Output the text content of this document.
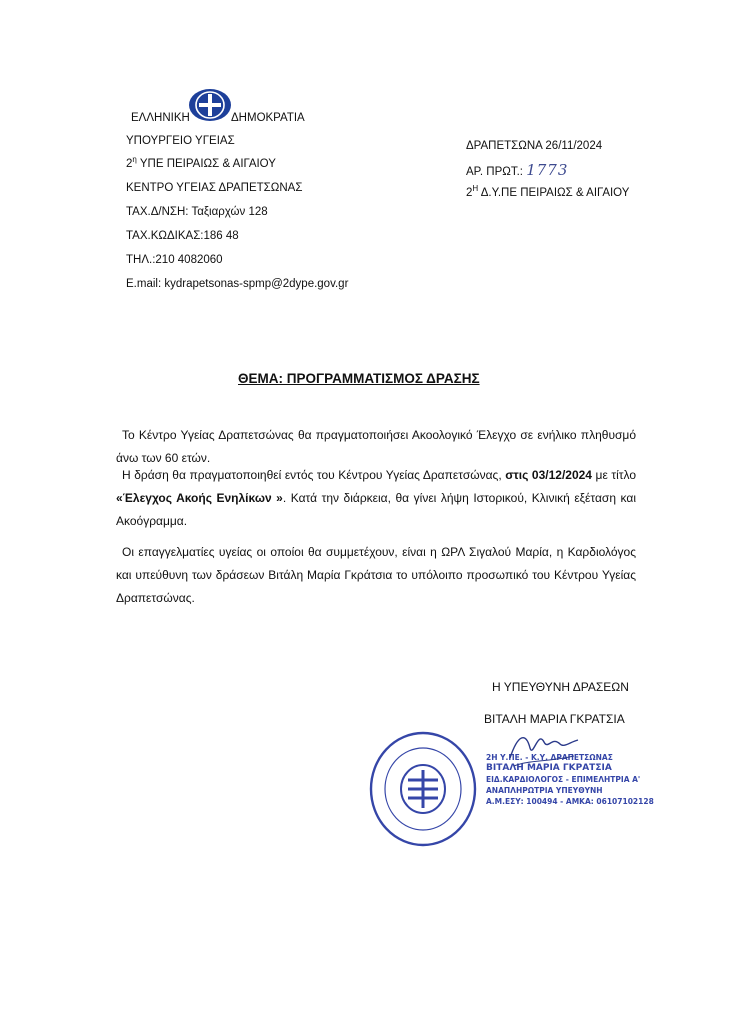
ΕΛΛΗΝΙΚΗ	ΔΗΜΟΚΡΑΤΙΑ
ΥΠΟΥΡΓΕΙΟ ΥΓΕΙΑΣ
$2^\eta$ ΥΠΕ ΠΕΙΡΑΙΩΣ & ΑΙΓΑΙΟΥ
ΚΕΝΤΡΟ ΥΓΕΙΑΣ ΔΡΑΠΕΤΣΩΝΑΣ
ΤΑΧ.Δ/ΝΣΗ: Ταξιαρχών 128
ΤΑΧ.ΚΩΔΙΚΑΣ:186 48
ΤΗΛ.:210 4082060
E.mail: kydrapetsonas-spmp@2dype.gov.gr
ΔΡΑΠΕΤΣΩΝΑ 26/11/2024
ΑΡ. ΠΡΩΤ.: 1773
$2^H$ Δ.Υ.ΠΕ ΠΕΙΡΑΙΩΣ & ΑΙΓΑΙΟΥ
ΘΕΜΑ: ΠΡΟΓΡΑΜΜΑΤΙΣΜΟΣ ΔΡΑΣΗΣ
Το Κέντρο Υγείας Δραπετσώνας θα πραγματοποιήσει Ακοολογικό Έλεγχο σε ενήλικο πληθυσμό άνω των 60 ετών.
Η δράση θα πραγματοποιηθεί εντός του Κέντρου Υγείας Δραπετσώνας, στις 03/12/2024 με τίτλο «Έλεγχος Ακοής Ενηλίκων ». Κατά την διάρκεια, θα γίνει λήψη Ιστορικού, Κλινική εξέταση και Ακοόγραμμα.
Οι επαγγελματίες υγείας οι οποίοι θα συμμετέχουν, είναι η ΩΡΛ Σιγαλού Μαρία, η Καρδιολόγος και υπεύθυνη των δράσεων Βιτάλη Μαρία Γκράτσια το υπόλοιπο προσωπικό του Κέντρου Υγείας Δραπετσώνας.
Η ΥΠΕΥΘΥΝΗ ΔΡΑΣΕΩΝ
ΒΙΤΑΛΗ ΜΑΡΙΑ ΓΚΡΑΤΣΙΑ
2Η Υ.ΠΕ. - Κ.Υ. ΔΡΑΠΕΤΣΩΝΑΣ
ΒΙΤΑΛΗ ΜΑΡΙΑ ΓΚΡΑΤΣΙΑ
ΕΙΔ.ΚΑΡΔΙΟΛΟΓΟΣ - ΕΠΙΜΕΛΗΤΡΙΑ Α'
ΑΝΑΠΛΗΡΩΤΡΙΑ ΥΠΕΥΘΥΝΗ
Α.Μ.ΕΣΥ: 100494 - ΑΜΚΑ: 06107102128
